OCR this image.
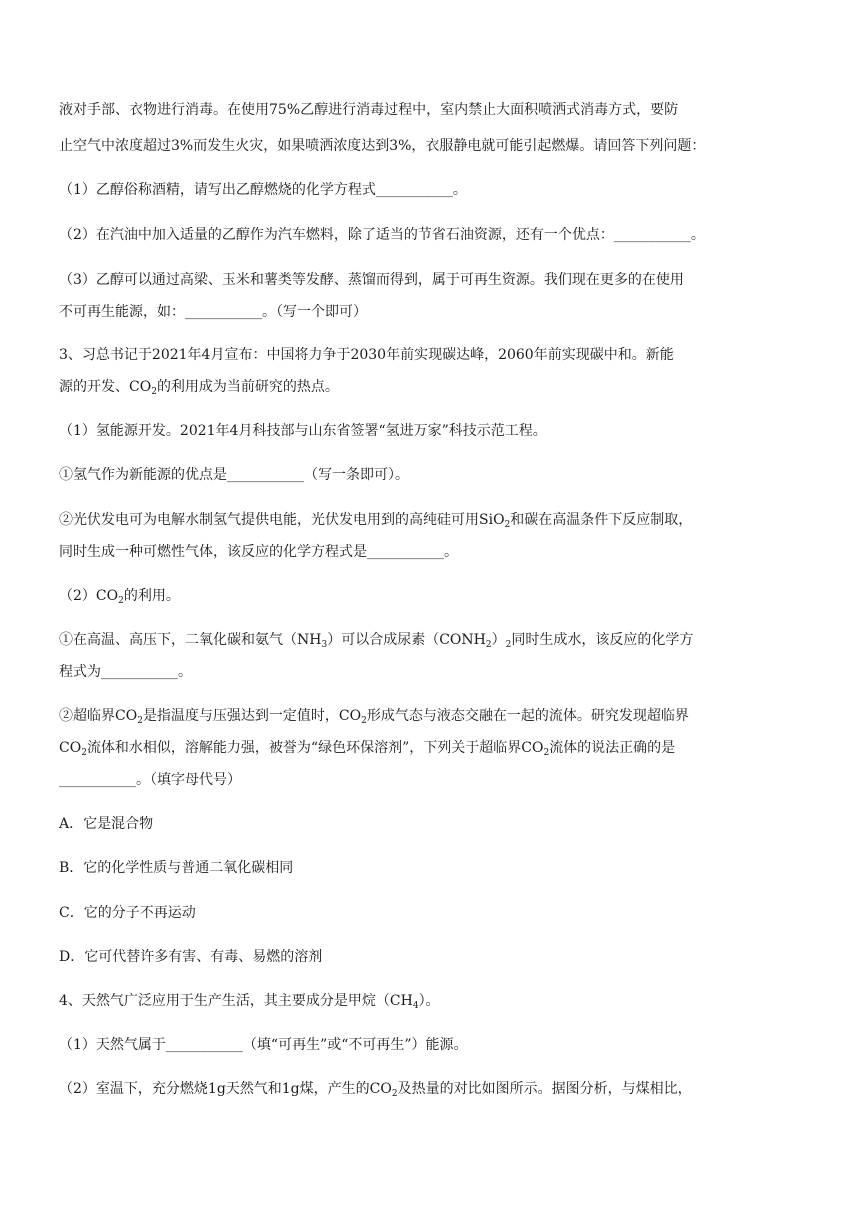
液对手部、衣物进行消毒。在使用75%乙醇进行消毒过程中，室内禁止大面积喷洒式消毒方式，要防
止空气中浓度超过3%而发生火灾，如果喷洒浓度达到3%，衣服静电就可能引起燃爆。请回答下列问题：
（1）乙醇俗称酒精，请写出乙醇燃烧的化学方程式___________。
（2）在汽油中加入适量的乙醇作为汽车燃料，除了适当的节省石油资源，还有一个优点：___________。
（3）乙醇可以通过高梁、玉米和薯类等发酵、蒸馏而得到，属于可再生资源。我们现在更多的在使用
不可再生能源，如：___________。（写一个即可）
3、习总书记于2021年4月宣布：中国将力争于2030年前实现碳达峰，2060年前实现碳中和。新能
源的开发、$CO_2$的利用成为当前研究的热点。
（1）氢能源开发。2021年4月科技部与山东省签署“氢进万家”科技示范工程。
①氢气作为新能源的优点是___________（写一条即可）。
②光伏发电可为电解水制氢气提供电能，光伏发电用到的高纯硅可用SiO$_2$和碳在高温条件下反应制取，
同时生成一种可燃性气体，该反应的化学方程式是___________。
$(2)CO_2$的利用。
①在高温、高压下，二氧化碳和氨气$(NH_3)$可以合成尿素$(CONH_2)_2$同时生成水，该反应的化学方
程式为___________。
②超临界$CO_2$是指温度与压强达到一定值时，$CO_2$形成气态与液态交融在一起的流体。研究发现超临界
$CO_2$流体和水相似，溶解能力强，被誉为“绿色环保溶剂”，下列关于超临界$CO_2$流体的说法正确的是
___________。（填字母代号）
A．它是混合物
B．它的化学性质与普通二氧化碳相同
C．它的分子不再运动
D．它可代替许多有害、有毒、易燃的溶剂
4、天然气广泛应用于生产生活，其主要成分是甲烷$(CH_4)$。
（1）天然气属于___________（填“可再生”或“不可再生”）能源。
（2）室温下，充分燃烧1g天然气和1g煤，产生的$CO_2$及热量的对比如图所示。据图分析，与煤相比，
